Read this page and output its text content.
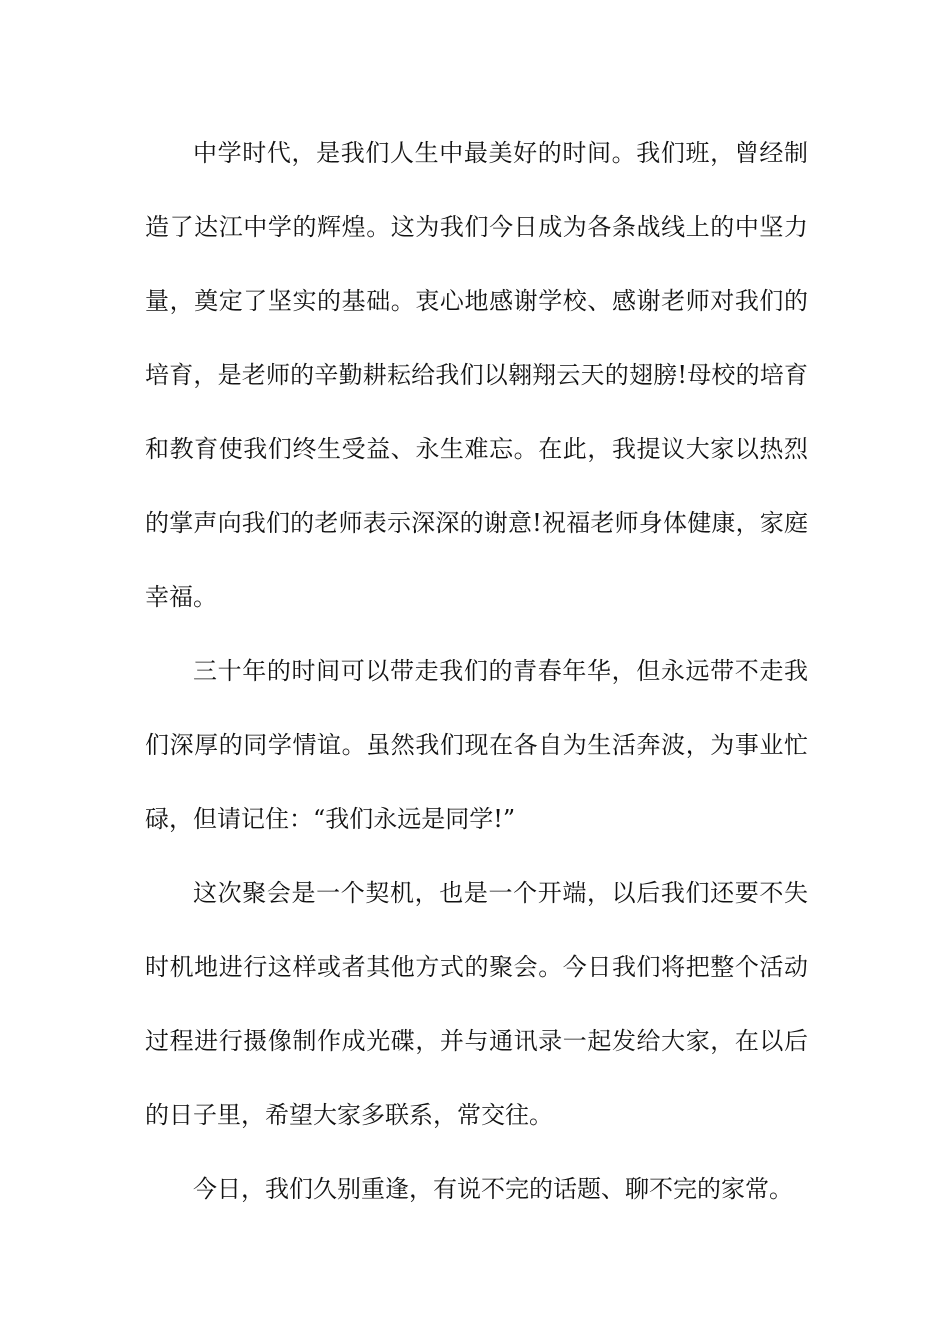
中学时代，是我们人生中最美好的时间。我们班，曾经制
造了达江中学的辉煌。这为我们今日成为各条战线上的中坚力
量，奠定了坚实的基础。衷心地感谢学校、感谢老师对我们的
培育，是老师的辛勤耕耘给我们以翱翔云天的翅膀!母校的培育
和教育使我们终生受益、永生难忘。在此，我提议大家以热烈
的掌声向我们的老师表示深深的谢意!祝福老师身体健康，家庭
幸福。
三十年的时间可以带走我们的青春年华，但永远带不走我
们深厚的同学情谊。虽然我们现在各自为生活奔波，为事业忙
碌，但请记住：“我们永远是同学!”
这次聚会是一个契机，也是一个开端，以后我们还要不失
时机地进行这样或者其他方式的聚会。今日我们将把整个活动
过程进行摄像制作成光碟，并与通讯录一起发给大家，在以后
的日子里，希望大家多联系，常交往。
今日，我们久别重逢，有说不完的话题、聊不完的家常。
